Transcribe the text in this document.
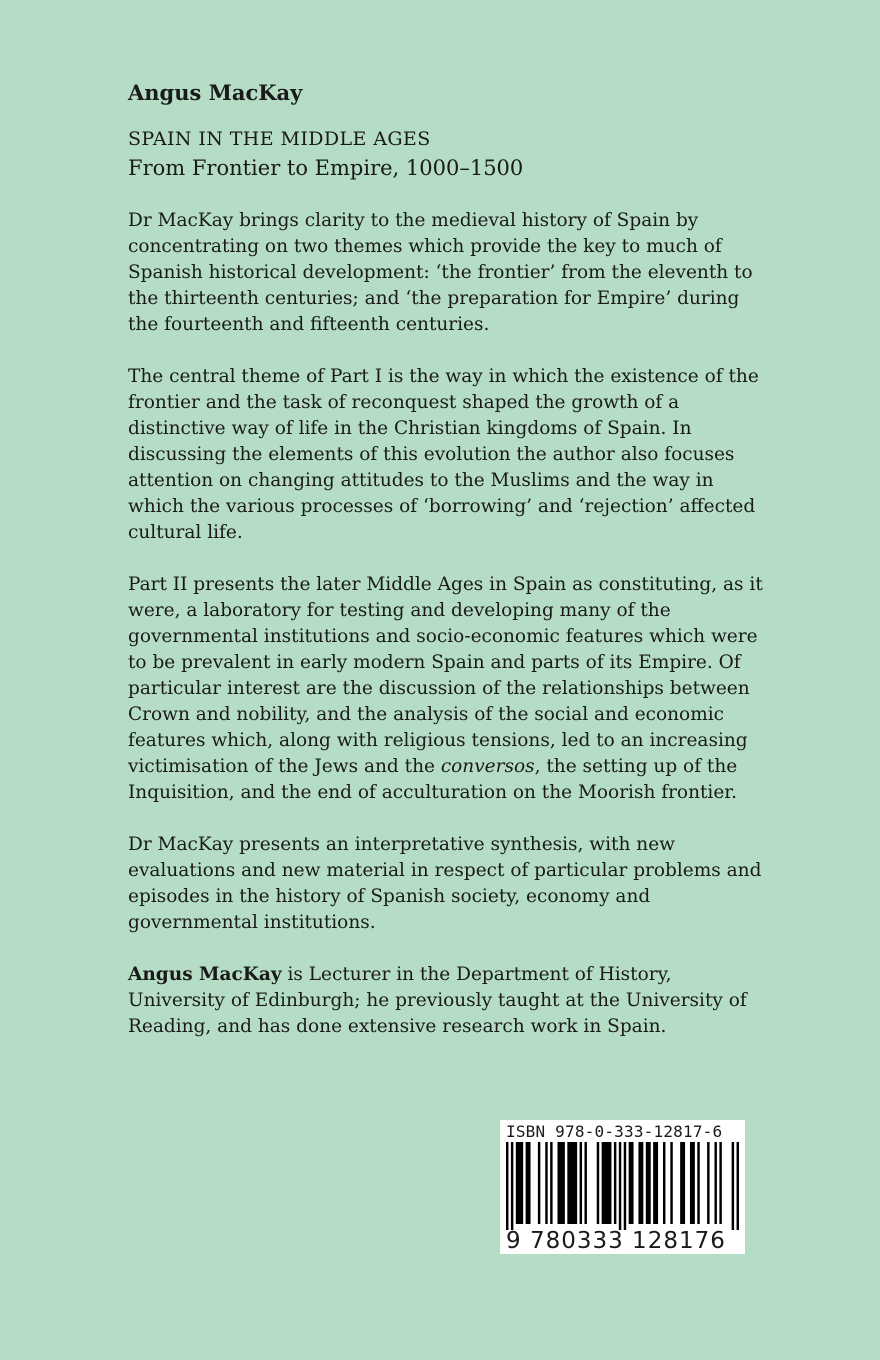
Angus MacKay
SPAIN IN THE MIDDLE AGES
From Frontier to Empire, 1000–1500

Dr MacKay brings clarity to the medieval history of Spain by concentrating on two themes which provide the key to much of Spanish historical development: ‘the frontier’ from the eleventh to the thirteenth centuries; and ‘the preparation for Empire’ during the fourteenth and fifteenth centuries.

The central theme of Part I is the way in which the existence of the frontier and the task of reconquest shaped the growth of a distinctive way of life in the Christian kingdoms of Spain. In discussing the elements of this evolution the author also focuses attention on changing attitudes to the Muslims and the way in which the various processes of ‘borrowing’ and ‘rejection’ affected cultural life.

Part II presents the later Middle Ages in Spain as constituting, as it were, a laboratory for testing and developing many of the governmental institutions and socio-economic features which were to be prevalent in early modern Spain and parts of its Empire. Of particular interest are the discussion of the relationships between Crown and nobility, and the analysis of the social and economic features which, along with religious tensions, led to an increasing victimisation of the Jews and the conversos, the setting up of the Inquisition, and the end of acculturation on the Moorish frontier.

Dr MacKay presents an interpretative synthesis, with new evaluations and new material in respect of particular problems and episodes in the history of Spanish society, economy and governmental institutions.

Angus MacKay is Lecturer in the Department of History, University of Edinburgh; he previously taught at the University of Reading, and has done extensive research work in Spain.

ISBN 978-0-333-12817-6
9 780333 128176
